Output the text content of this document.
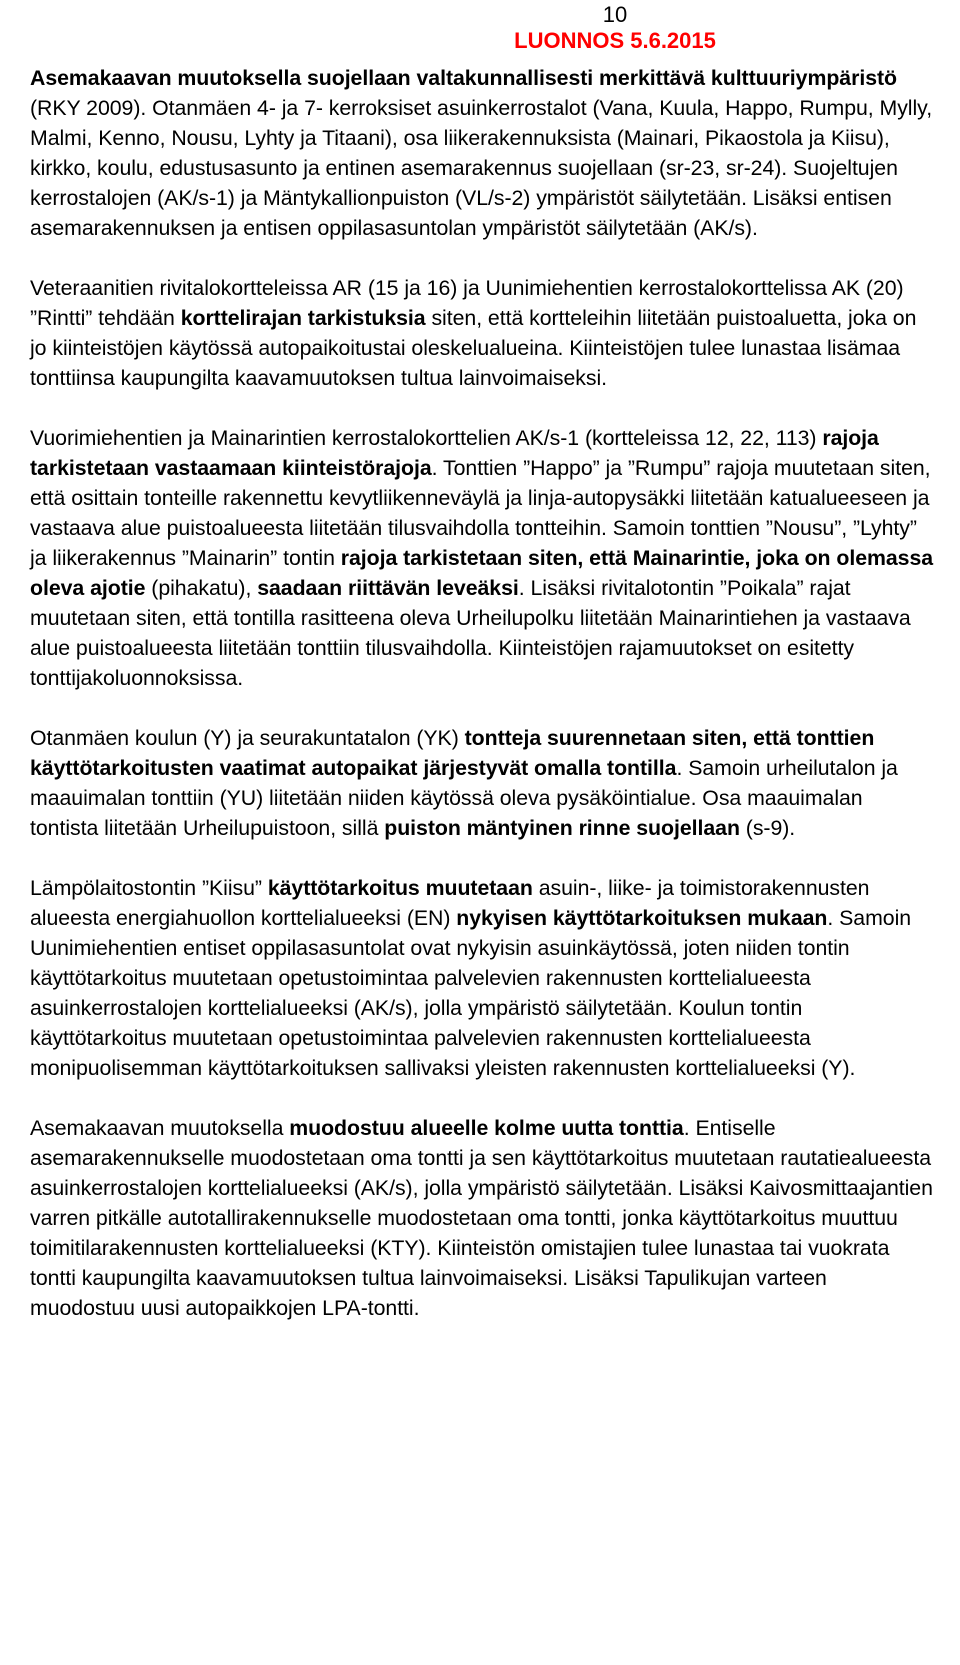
10
LUONNOS 5.6.2015

Asemakaavan muutoksella suojellaan valtakunnallisesti merkittävä kulttuuriympäristö (RKY 2009). Otanmäen 4- ja 7- kerroksiset asuinkerrostalot (Vana, Kuula, Happo, Rumpu, Mylly, Malmi, Kenno, Nousu, Lyhty ja Titaani), osa liikerakennuksista (Mainari, Pikaostola ja Kiisu), kirkko, koulu, edustusasunto ja entinen asemarakennus suojellaan (sr-23, sr-24). Suojeltujen kerrostalojen (AK/s-1) ja Mäntykallionpuiston (VL/s-2) ympäristöt säilytetään. Lisäksi entisen asemarakennuksen ja entisen oppilasasuntolan ympäristöt säilytetään (AK/s).

Veteraanitien rivitalokortteleissa AR (15 ja 16) ja Uunimiehentien kerrostalokorttelissa AK (20) ”Rintti” tehdään korttelirajan tarkistuksia siten, että kortteleihin liitetään puistoaluetta, joka on jo kiinteistöjen käytössä autopaikoitustai oleskelualueina. Kiinteistöjen tulee lunastaa lisämaa tonttiinsa kaupungilta kaavamuutoksen tultua lainvoimaiseksi.

Vuorimiehentien ja Mainarintien kerrostalokorttelien AK/s-1 (kortteleissa 12, 22, 113) rajoja tarkistetaan vastaamaan kiinteistörajoja. Tonttien ”Happo” ja ”Rumpu” rajoja muutetaan siten, että osittain tonteille rakennettu kevytliikenneväylä ja linja-autopysäkki liitetään katualueeseen ja vastaava alue puistoalueesta liitetään tilusvaihdolla tontteihin. Samoin tonttien ”Nousu”, ”Lyhty” ja liikerakennus ”Mainarin” tontin rajoja tarkistetaan siten, että Mainarintie, joka on olemassa oleva ajotie (pihakatu), saadaan riittävän leveäksi. Lisäksi rivitalotontin ”Poikala” rajat muutetaan siten, että tontilla rasitteena oleva Urheilupolku liitetään Mainarintiehen ja vastaava alue puistoalueesta liitetään tonttiin tilusvaihdolla. Kiinteistöjen rajamuutokset on esitetty tonttijakoluonnoksissa.

Otanmäen koulun (Y) ja seurakuntatalon (YK) tontteja suurennetaan siten, että tonttien käyttötarkoitusten vaatimat autopaikat järjestyvät omalla tontilla. Samoin urheilutalon ja maauimalan tonttiin (YU) liitetään niiden käytössä oleva pysäköintialue. Osa maauimalan tontista liitetään Urheilupuistoon, sillä puiston mäntyinen rinne suojellaan (s-9).

Lämpölaitostontin ”Kiisu” käyttötarkoitus muutetaan asuin-, liike- ja toimistorakennusten alueesta energiahuollon korttelialueeksi (EN) nykyisen käyttötarkoituksen mukaan. Samoin Uunimiehentien entiset oppilasasuntolat ovat nykyisin asuinkäytössä, joten niiden tontin käyttötarkoitus muutetaan opetustoimintaa palvelevien rakennusten korttelialueesta asuinkerrostalojen korttelialueeksi (AK/s), jolla ympäristö säilytetään. Koulun tontin käyttötarkoitus muutetaan opetustoimintaa palvelevien rakennusten korttelialueesta monipuolisemman käyttötarkoituksen sallivaksi yleisten rakennusten korttelialueeksi (Y).

Asemakaavan muutoksella muodostuu alueelle kolme uutta tonttia. Entiselle asemarakennukselle muodostetaan oma tontti ja sen käyttötarkoitus muutetaan rautatiealueesta asuinkerrostalojen korttelialueeksi (AK/s), jolla ympäristö säilytetään. Lisäksi Kaivosmittaajantien varren pitkälle autotallirakennukselle muodostetaan oma tontti, jonka käyttötarkoitus muuttuu toimitilarakennusten korttelialueeksi (KTY). Kiinteistön omistajien tulee lunastaa tai vuokrata tontti kaupungilta kaavamuutoksen tultua lainvoimaiseksi. Lisäksi Tapulikujan varteen muodostuu uusi autopaikkojen LPA-tontti.
